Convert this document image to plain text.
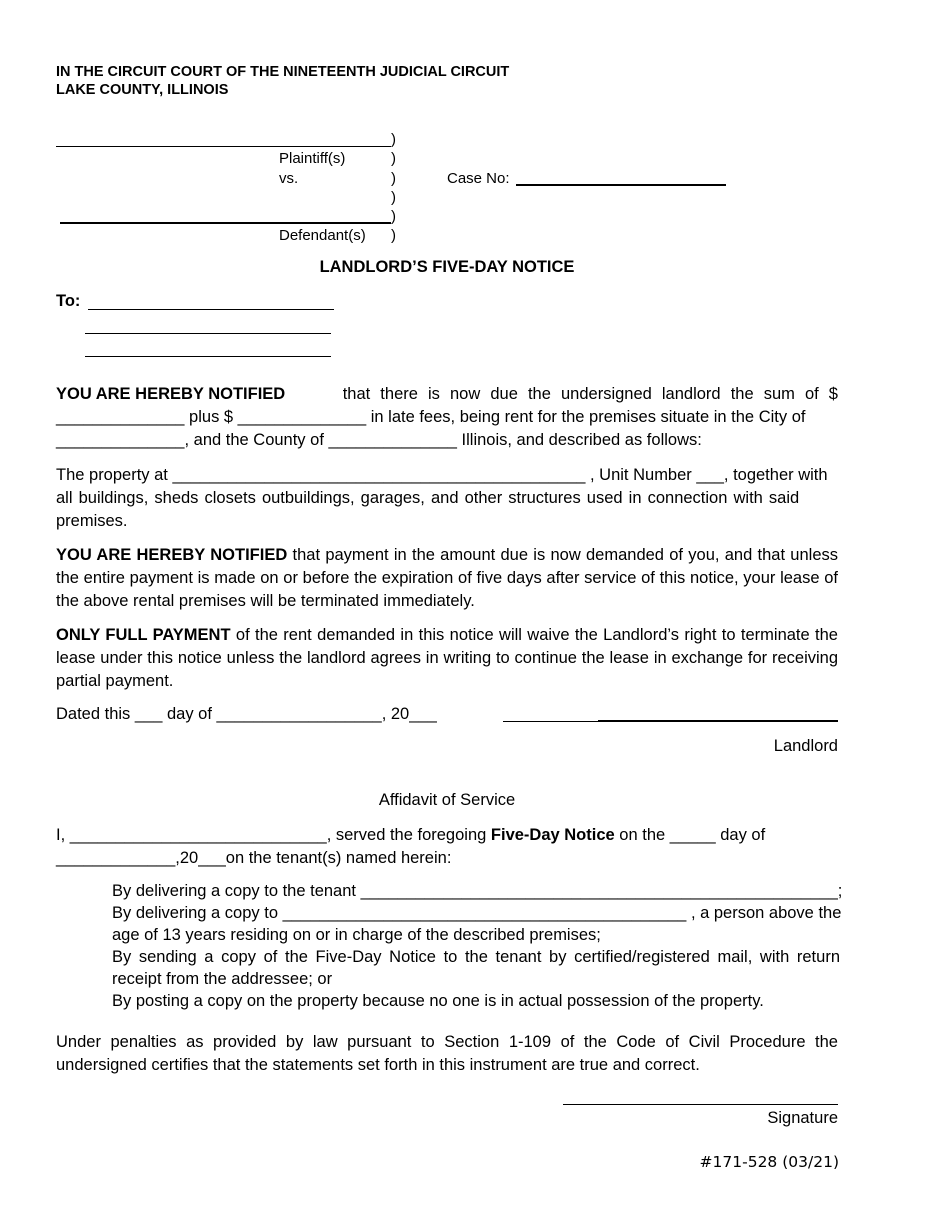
IN THE CIRCUIT COURT OF THE NINETEENTH JUDICIAL CIRCUIT
LAKE COUNTY, ILLINOIS
)
)
)
)
)
)
Plaintiff(s)
vs.
Defendant(s)
Case No:
LANDLORD’S FIVE-DAY NOTICE
To:
YOU ARE HEREBY NOTIFIED	that there is now due the undersigned landlord the sum of $
______________ plus $ ______________ in late fees, being rent for the premises situate in the City of
______________, and the County of ______________ Illinois, and described as follows:
The property at _____________________________________________ , Unit Number ___, together with
all buildings, sheds closets outbuildings, garages, and other structures used in connection with said
premises.
YOU ARE HEREBY NOTIFIED that payment in the amount due is now demanded of you, and that unless the entire payment is made on or before the expiration of five days after service of this notice, your lease of the above rental premises will be terminated immediately.
ONLY FULL PAYMENT of the rent demanded in this notice will waive the Landlord’s right to terminate the lease under this notice unless the landlord agrees in writing to continue the lease in exchange for receiving partial payment.
Dated this ___ day of __________________, 20___
Landlord
Affidavit of Service
I, ____________________________, served the foregoing Five-Day Notice on the _____ day of
_____________,20___on the tenant(s) named herein:
By delivering a copy to the tenant ____________________________________________________;
By delivering a copy to ____________________________________________ , a person above the
age of 13 years residing on or in charge of the described premises;
By sending a copy of the Five-Day Notice to the tenant by certified/registered mail, with return receipt from the addressee; or
By posting a copy on the property because no one is in actual possession of the property.
Under penalties as provided by law pursuant to Section 1-109 of the Code of Civil Procedure the undersigned certifies that the statements set forth in this instrument are true and correct.
Signature
#171-528 (03/21)
